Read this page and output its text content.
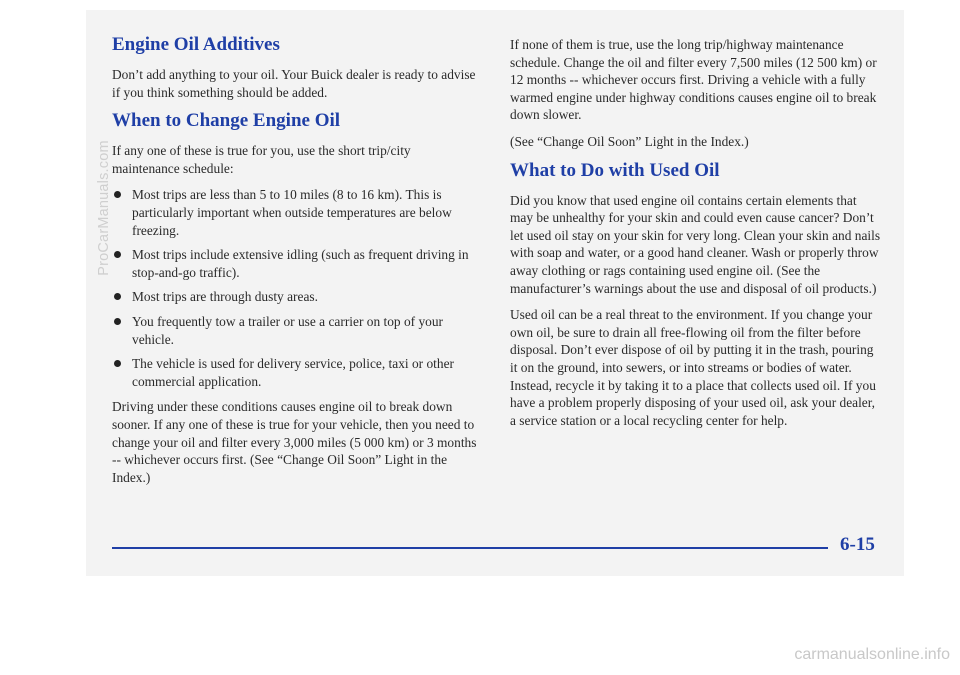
Engine Oil Additives

Don’t add anything to your oil. Your Buick dealer is ready to advise if you think something should be added.

When to Change Engine Oil

If any one of these is true for you, use the short trip/city maintenance schedule:

Most trips are less than 5 to 10 miles (8 to 16 km). This is particularly important when outside temperatures are below freezing.
Most trips include extensive idling (such as frequent driving in stop-and-go traffic).
Most trips are through dusty areas.
You frequently tow a trailer or use a carrier on top of your vehicle.
The vehicle is used for delivery service, police, taxi or other commercial application.

Driving under these conditions causes engine oil to break down sooner. If any one of these is true for your vehicle, then you need to change your oil and filter every 3,000 miles (5 000 km) or 3 months -- whichever occurs first. (See “Change Oil Soon” Light in the Index.)

If none of them is true, use the long trip/highway maintenance schedule. Change the oil and filter every 7,500 miles (12 500 km) or 12 months -- whichever occurs first. Driving a vehicle with a fully warmed engine under highway conditions causes engine oil to break down slower.

(See “Change Oil Soon” Light in the Index.)

What to Do with Used Oil

Did you know that used engine oil contains certain elements that may be unhealthy for your skin and could even cause cancer? Don’t let used oil stay on your skin for very long. Clean your skin and nails with soap and water, or a good hand cleaner. Wash or properly throw away clothing or rags containing used engine oil. (See the manufacturer’s warnings about the use and disposal of oil products.)

Used oil can be a real threat to the environment. If you change your own oil, be sure to drain all free-flowing oil from the filter before disposal. Don’t ever dispose of oil by putting it in the trash, pouring it on the ground, into sewers, or into streams or bodies of water. Instead, recycle it by taking it to a place that collects used oil. If you have a problem properly disposing of your used oil, ask your dealer, a service station or a local recycling center for help.

6-15
ProCarManuals.com
carmanualsonline.info
